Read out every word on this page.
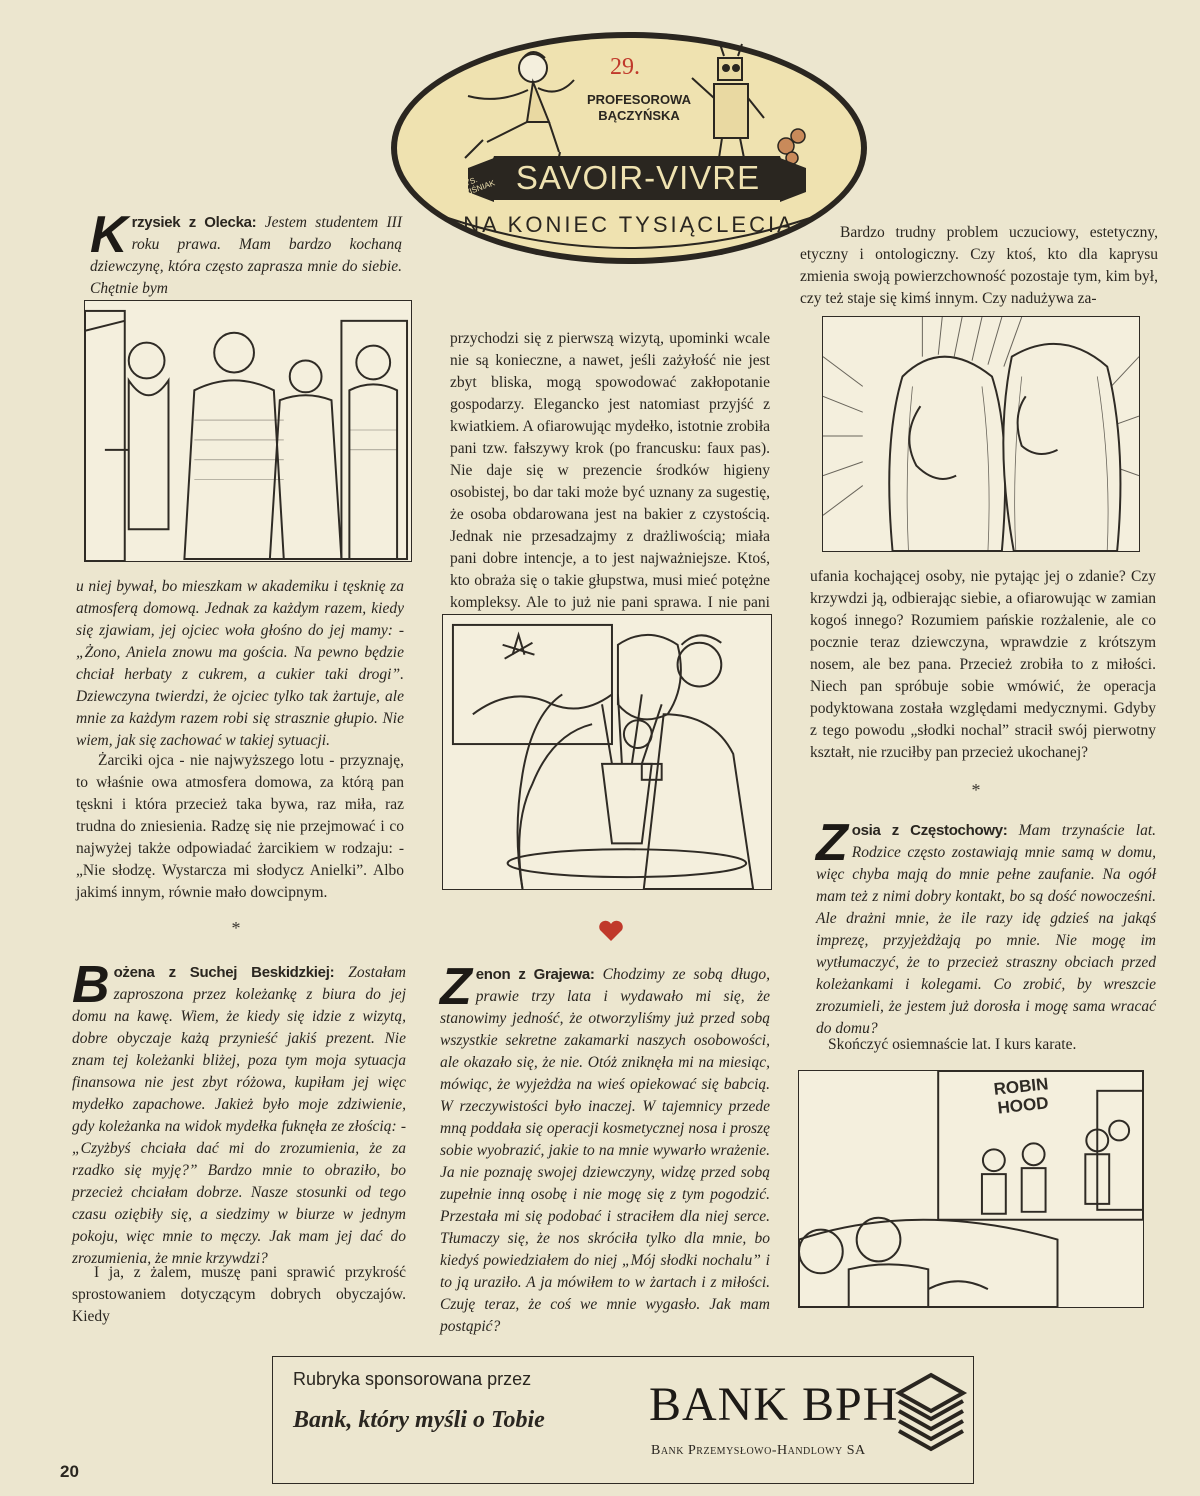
29.
PROFESOROWA BĄCZYŃSKA
SAVOIR-VIVRE
NA KONIEC TYSIĄCLECIA
RYS. WIŚNIAK
K rzysiek z Olecka: Jestem studentem III roku prawa. Mam bardzo kochaną dziewczynę, która często zaprasza mnie do siebie. Chętnie bym
u niej bywał, bo mieszkam w akademiku i tęsknię za atmosferą domową. Jednak za każdym razem, kiedy się zjawiam, jej ojciec woła głośno do jej mamy: - „Żono, Aniela znowu ma gościa. Na pewno będzie chciał herbaty z cukrem, a cukier taki drogi”. Dziewczyna twierdzi, że ojciec tylko tak żartuje, ale mnie za każdym razem robi się strasznie głupio. Nie wiem, jak się zachować w takiej sytuacji.
Żarciki ojca - nie najwyższego lotu - przyznaję, to właśnie owa atmosfera domowa, za którą pan tęskni i która przecież taka bywa, raz miła, raz trudna do zniesienia. Radzę się nie przejmować i co najwyżej także odpowiadać żarcikiem w rodzaju: - „Nie słodzę. Wystarcza mi słodycz Anielki”. Albo jakimś innym, równie mało dowcipnym.
*
B ożena z Suchej Beskidzkiej: Zostałam zaproszona przez koleżankę z biura do jej domu na kawę. Wiem, że kiedy się idzie z wizytą, dobre obyczaje każą przynieść jakiś prezent. Nie znam tej koleżanki bliżej, poza tym moja sytuacja finansowa nie jest zbyt różowa, kupiłam jej więc mydełko zapachowe. Jakież było moje zdziwienie, gdy koleżanka na widok mydełka fuknęła ze złością: - „Czyżbyś chciała dać mi do zrozumienia, że za rzadko się myję?” Bardzo mnie to obraziło, bo przecież chciałam dobrze. Nasze stosunki od tego czasu oziębiły się, a siedzimy w biurze w jednym pokoju, więc mnie to męczy. Jak mam jej dać do zrozumienia, że mnie krzywdzi?
I ja, z żalem, muszę pani sprawić przykrość sprostowaniem dotyczącym dobrych obyczajów. Kiedy
przychodzi się z pierwszą wizytą, upominki wcale nie są konieczne, a nawet, jeśli zażyłość nie jest zbyt bliska, mogą spowodować zakłopotanie gospodarzy. Elegancko jest natomiast przyjść z kwiatkiem. A ofiarowując mydełko, istotnie zrobiła pani tzw. fałszywy krok (po francusku: faux pas). Nie daje się w prezencie środków higieny osobistej, bo dar taki może być uznany za sugestię, że osoba obdarowana jest na bakier z czystością. Jednak nie przesadzajmy z drażliwością; miała pani dobre intencje, a to jest najważniejsze. Ktoś, kto obraża się o takie głupstwa, musi mieć potężne kompleksy. Ale to już nie pani sprawa. I nie pani
Z enon z Grajewa: Chodzimy ze sobą długo, prawie trzy lata i wydawało mi się, że stanowimy jedność, że otworzyliśmy już przed sobą wszystkie sekretne zakamarki naszych osobowości, ale okazało się, że nie. Otóż zniknęła mi na miesiąc, mówiąc, że wyjeżdża na wieś opiekować się babcią. W rzeczywistości było inaczej. W tajemnicy przede mną poddała się operacji kosmetycznej nosa i proszę sobie wyobrazić, jakie to na mnie wywarło wrażenie. Ja nie poznaję swojej dziewczyny, widzę przed sobą zupełnie inną osobę i nie mogę się z tym pogodzić. Przestała mi się podobać i straciłem dla niej serce. Tłumaczy się, że nos skróciła tylko dla mnie, bo kiedyś powiedziałem do niej „Mój słodki nochalu” i to ją uraziło. A ja mówiłem to w żartach i z miłości. Czuję teraz, że coś we mnie wygasło. Jak mam postąpić?
Bardzo trudny problem uczuciowy, estetyczny, etyczny i ontologiczny. Czy ktoś, kto dla kaprysu zmienia swoją powierzchowność pozostaje tym, kim był, czy też staje się kimś innym. Czy nadużywa za-
ufania kochającej osoby, nie pytając jej o zdanie? Czy krzywdzi ją, odbierając siebie, a ofiarowując w zamian kogoś innego? Rozumiem pańskie rozżalenie, ale co pocznie teraz dziewczyna, wprawdzie z krótszym nosem, ale bez pana. Przecież zrobiła to z miłości. Niech pan spróbuje sobie wmówić, że operacja podyktowana została względami medycznymi. Gdyby z tego powodu „słodki nochal” stracił swój pierwotny kształt, nie rzuciłby pan przecież ukochanej?
*
Z osia z Częstochowy: Mam trzynaście lat. Rodzice często zostawiają mnie samą w domu, więc chyba mają do mnie pełne zaufanie. Na ogół mam też z nimi dobry kontakt, bo są dość nowocześni. Ale drażni mnie, że ile razy idę gdzieś na jakąś imprezę, przyjeżdżają po mnie. Nie mogę im wytłumaczyć, że to przecież straszny obciach przed koleżankami i kolegami. Co zrobić, by wreszcie zrozumieli, że jestem już dorosła i mogę sama wracać do domu?
Skończyć osiemnaście lat. I kurs karate.
ROBIN HOOD
Rubryka sponsorowana przez
Bank, który myśli o Tobie BANK BPH
Bank Przemysłowo-Handlowy SA
20
